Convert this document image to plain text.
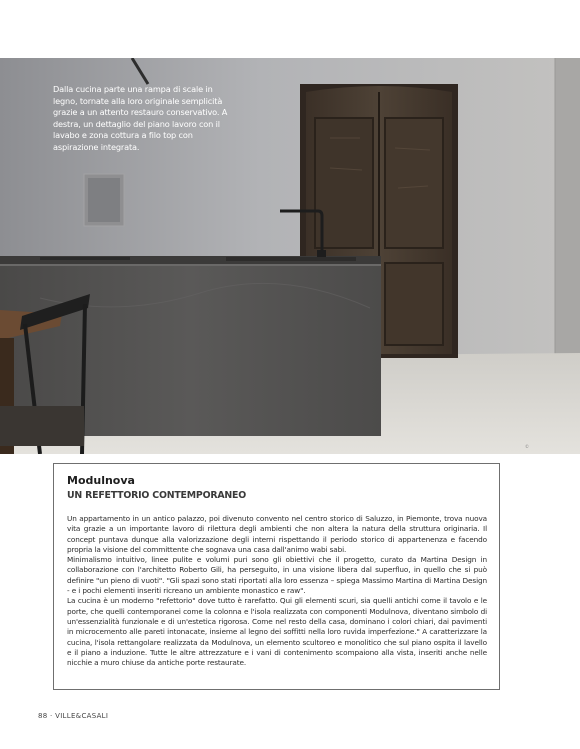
©

Dalla cucina parte una rampa di scale in legno, tornate alla loro originale semplicità grazie a un attento restauro conservativo. A destra, un dettaglio del piano lavoro con il lavabo e zona cottura a filo top con aspirazione integrata.

Modulnova
UN REFETTORIO CONTEMPORANEO

Un appartamento in un antico palazzo, poi divenuto convento nel centro storico di Saluzzo, in Piemonte, trova nuova vita grazie a un importante lavoro di rilettura degli ambienti che non altera la natura della struttura originaria. Il concept puntava dunque alla valorizzazione degli interni rispettando il periodo storico di appartenenza e facendo propria la visione del committente che sognava una casa dall'animo wabi sabi.

Minimalismo intuitivo, linee pulite e volumi puri sono gli obiettivi che il progetto, curato da Martina Design in collaborazione con l'architetto Roberto Gili, ha perseguito, in una visione libera dal superfluo, in quello che si può definire "un pieno di vuoti". "Gli spazi sono stati riportati alla loro essenza – spiega Massimo Martina di Martina Design - e i pochi elementi inseriti ricreano un ambiente monastico e raw".

La cucina è un moderno "refettorio" dove tutto è rarefatto. Qui gli elementi scuri, sia quelli antichi come il tavolo e le porte, che quelli contemporanei come la colonna e l'isola realizzata con componenti Modulnova, diventano simbolo di un'essenzialità funzionale e di un'estetica rigorosa. Come nel resto della casa, dominano i colori chiari, dai pavimenti in microcemento alle pareti intonacate, insieme al legno dei soffitti nella loro ruvida imperfezione." A caratterizzare la cucina, l'isola rettangolare realizzata da Modulnova, un elemento scultoreo e monolitico che sul piano ospita il lavello e il piano a induzione. Tutte le altre attrezzature e i vani di contenimento scompaiono alla vista, inseriti anche nelle nicchie a muro chiuse da antiche porte restaurate.

88 · VILLE&CASALI
